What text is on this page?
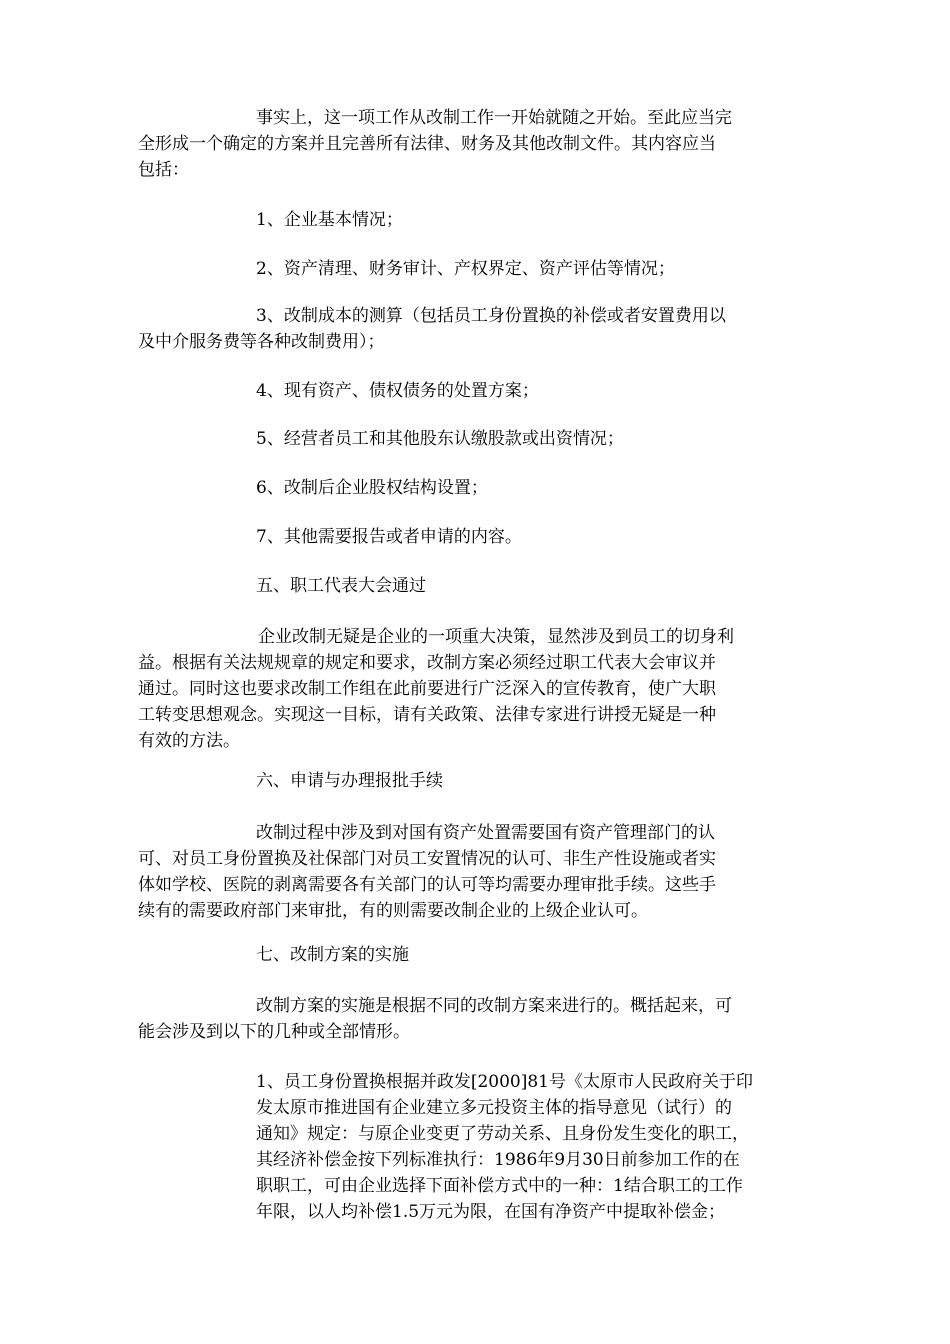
事实上，这一项工作从改制工作一开始就随之开始。至此应当完
全形成一个确定的方案并且完善所有法律、财务及其他改制文件。其内容应当
包括：
1、企业基本情况；
2、资产清理、财务审计、产权界定、资产评估等情况；
3、改制成本的测算（包括员工身份置换的补偿或者安置费用以
及中介服务费等各种改制费用）；
4、现有资产、债权债务的处置方案；
5、经营者员工和其他股东认缴股款或出资情况；
6、改制后企业股权结构设置；
7、其他需要报告或者申请的内容。
五、职工代表大会通过
企业改制无疑是企业的一项重大决策，显然涉及到员工的切身利
益。根据有关法规规章的规定和要求，改制方案必须经过职工代表大会审议并
通过。同时这也要求改制工作组在此前要进行广泛深入的宣传教育，使广大职
工转变思想观念。实现这一目标，请有关政策、法律专家进行讲授无疑是一种
有效的方法。
六、申请与办理报批手续
改制过程中涉及到对国有资产处置需要国有资产管理部门的认
可、对员工身份置换及社保部门对员工安置情况的认可、非生产性设施或者实
体如学校、医院的剥离需要各有关部门的认可等均需要办理审批手续。这些手
续有的需要政府部门来审批，有的则需要改制企业的上级企业认可。
七、改制方案的实施
改制方案的实施是根据不同的改制方案来进行的。概括起来，可
能会涉及到以下的几种或全部情形。
1、员工身份置换根据并政发[2000]81号《太原市人民政府关于印
发太原市推进国有企业建立多元投资主体的指导意见（试行）的
通知》规定：与原企业变更了劳动关系、且身份发生变化的职工，
其经济补偿金按下列标准执行：1986年9月30日前参加工作的在
职职工，可由企业选择下面补偿方式中的一种：1结合职工的工作
年限，以人均补偿1.5万元为限，在国有净资产中提取补偿金；
